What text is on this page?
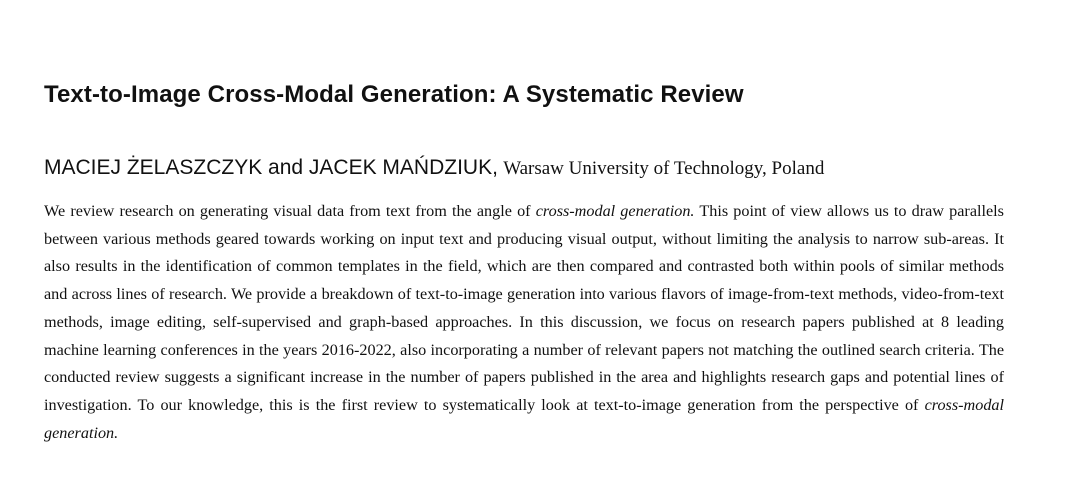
Text-to-Image Cross-Modal Generation: A Systematic Review
MACIEJ ŻELASZCZYK and JACEK MAŃDZIUK, Warsaw University of Technology, Poland

We review research on generating visual data from text from the angle of cross-modal generation. This point of view allows us to draw parallels between various methods geared towards working on input text and producing visual output, without limiting the analysis to narrow sub-areas. It also results in the identification of common templates in the field, which are then compared and contrasted both within pools of similar methods and across lines of research. We provide a breakdown of text-to-image generation into various flavors of image-from-text methods, video-from-text methods, image editing, self-supervised and graph-based approaches. In this discussion, we focus on research papers published at 8 leading machine learning conferences in the years 2016-2022, also incorporating a number of relevant papers not matching the outlined search criteria. The conducted review suggests a significant increase in the number of papers published in the area and highlights research gaps and potential lines of investigation. To our knowledge, this is the first review to systematically look at text-to-image generation from the perspective of cross-modal generation.
